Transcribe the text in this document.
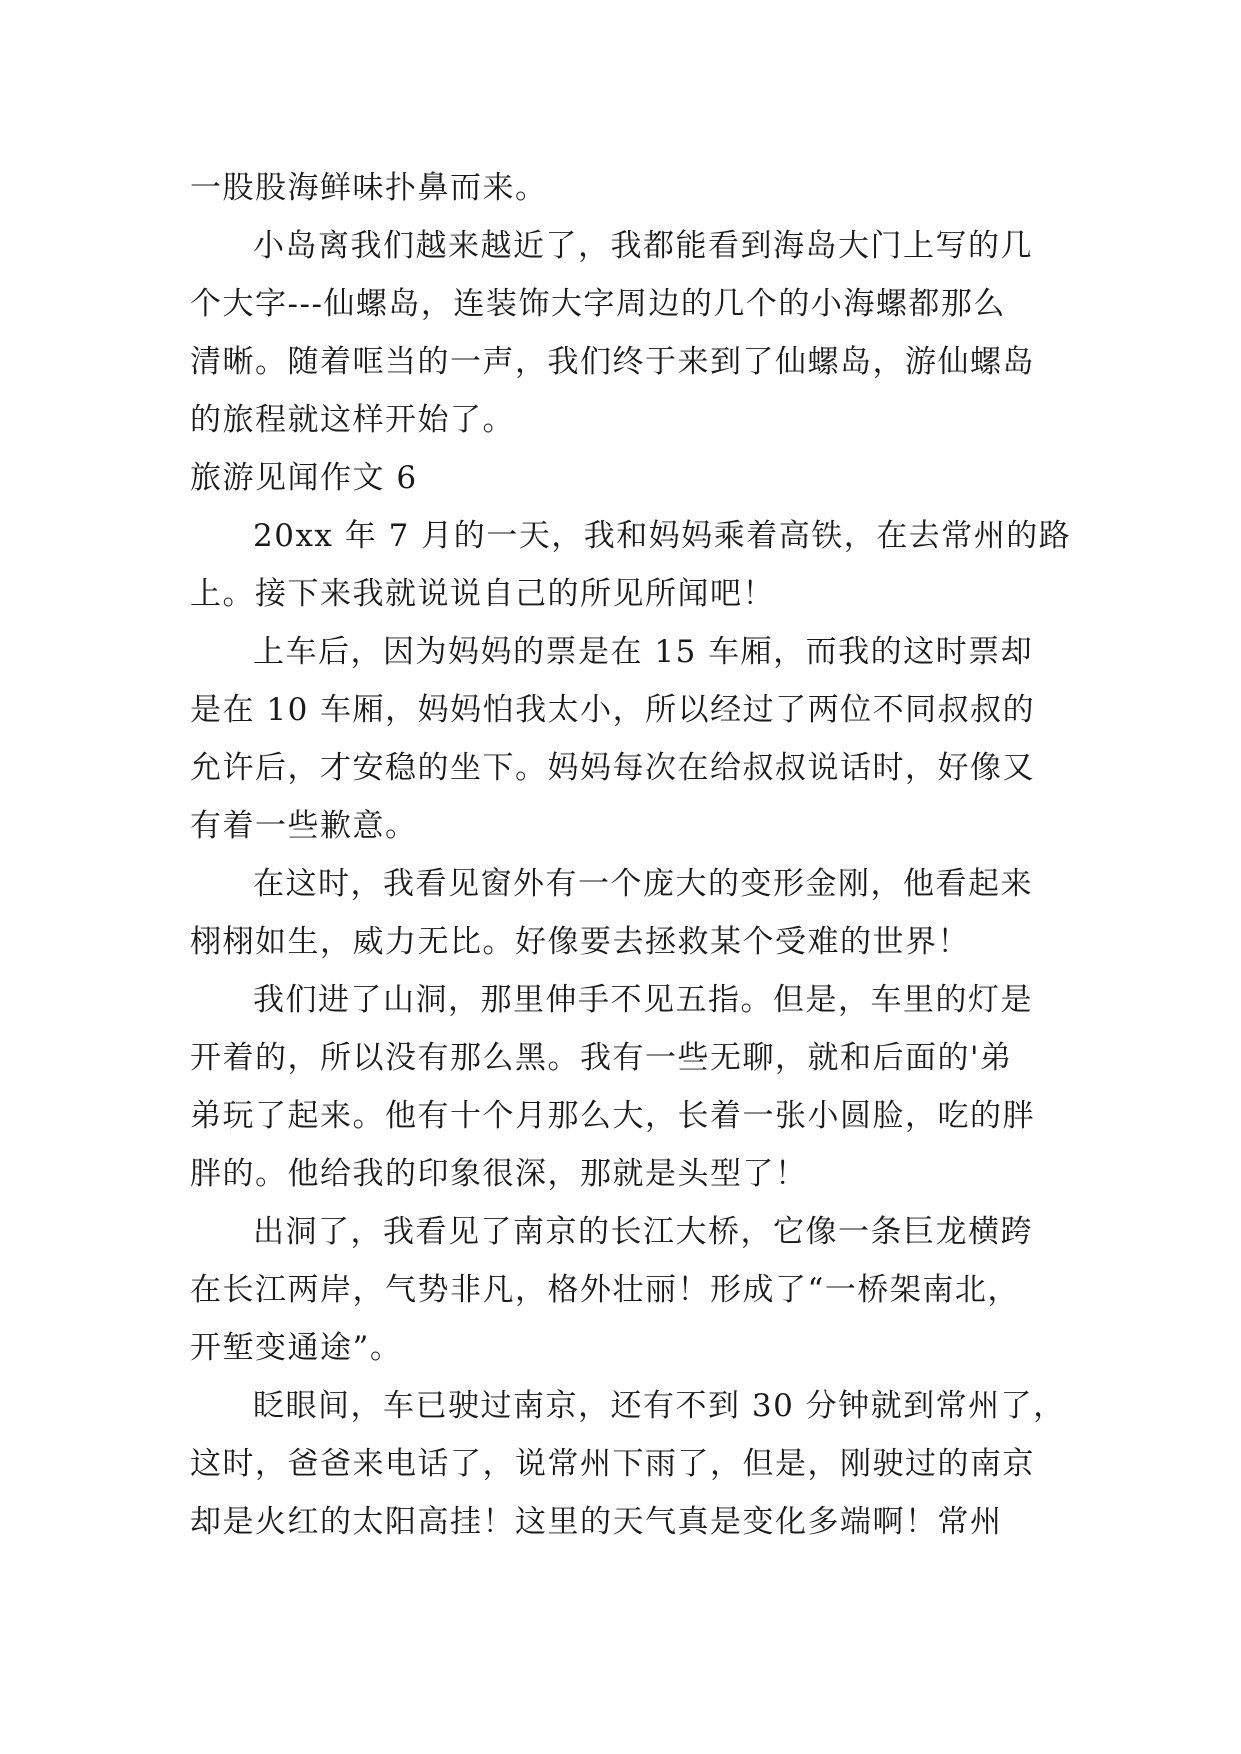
一股股海鲜味扑鼻而来。
小岛离我们越来越近了，我都能看到海岛大门上写的几
个大字---仙螺岛，连装饰大字周边的几个的小海螺都那么
清晰。随着哐当的一声，我们终于来到了仙螺岛，游仙螺岛
的旅程就这样开始了。
旅游见闻作文 6
20xx 年 7 月的一天，我和妈妈乘着高铁，在去常州的路
上。接下来我就说说自己的所见所闻吧！
上车后，因为妈妈的票是在 15 车厢，而我的这时票却
是在 10 车厢，妈妈怕我太小，所以经过了两位不同叔叔的
允许后，才安稳的坐下。妈妈每次在给叔叔说话时，好像又
有着一些歉意。
在这时，我看见窗外有一个庞大的变形金刚，他看起来
栩栩如生，威力无比。好像要去拯救某个受难的世界！
我们进了山洞，那里伸手不见五指。但是，车里的灯是
开着的，所以没有那么黑。我有一些无聊，就和后面的'弟
弟玩了起来。他有十个月那么大，长着一张小圆脸，吃的胖
胖的。他给我的印象很深，那就是头型了！
出洞了，我看见了南京的长江大桥，它像一条巨龙横跨
在长江两岸，气势非凡，格外壮丽！形成了“一桥架南北，
开堑变通途”。
眨眼间，车已驶过南京，还有不到 30 分钟就到常州了，
这时，爸爸来电话了，说常州下雨了，但是，刚驶过的南京
却是火红的太阳高挂！这里的天气真是变化多端啊！常州
